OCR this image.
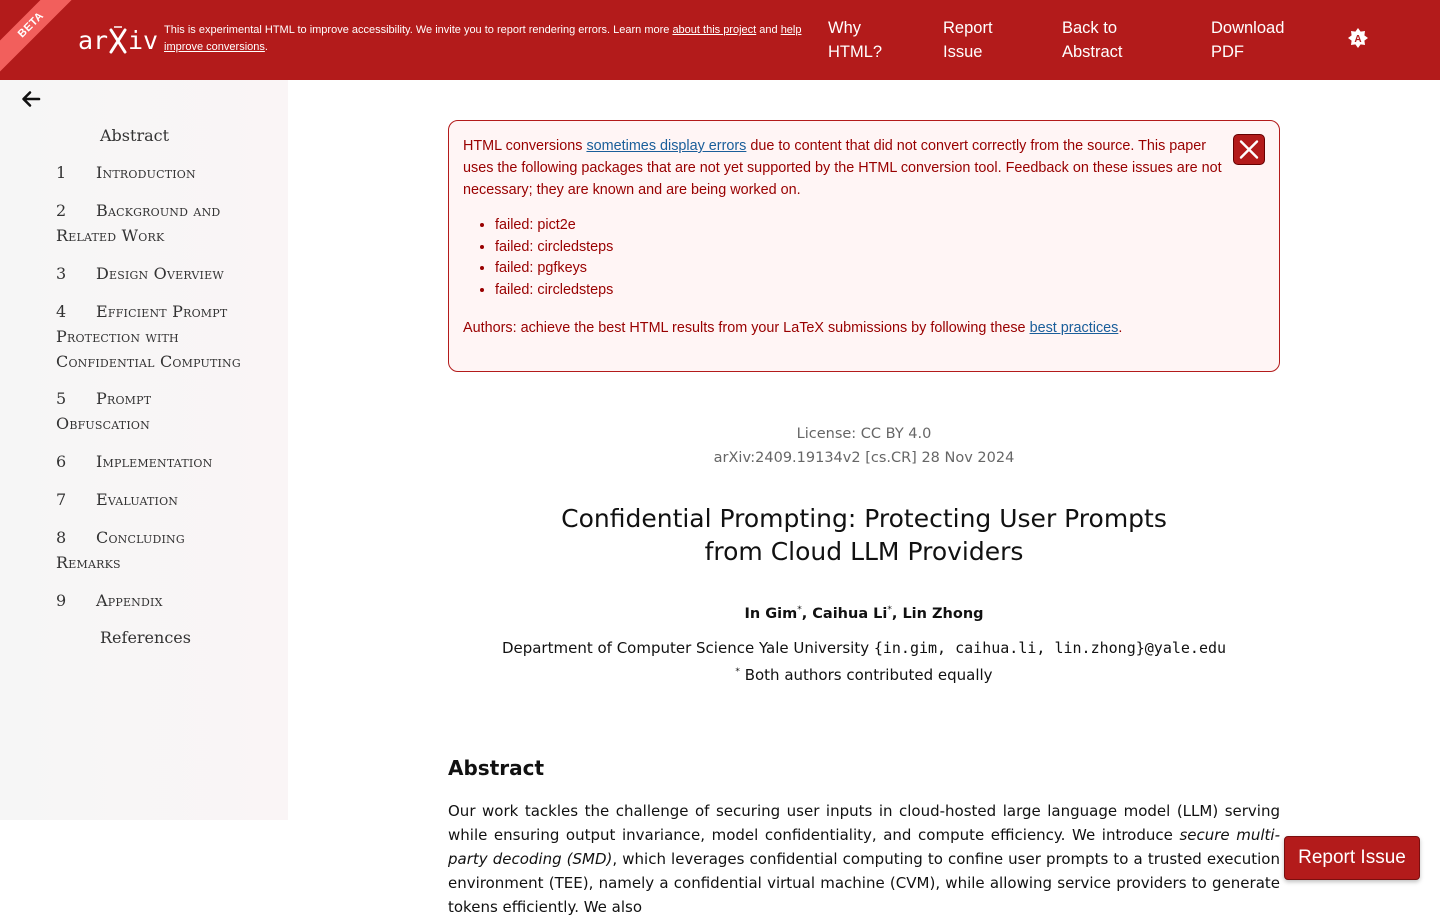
BETA
ar iv This is experimental HTML to improve accessibility. We invite you to report rendering errors. Learn more about this project and help improve conversions.
Why HTML?
Report Issue
Back to Abstract
Download PDF
A
Abstract
1 Introduction
2 Background and Related Work
3 Design Overview
4 Efficient Prompt Protection with Confidential Computing
5 Prompt Obfuscation
6 Implementation
7 Evaluation
8 Concluding Remarks
9 Appendix
References
HTML conversions sometimes display errors due to content that did not convert correctly from the source. This paper uses the following packages that are not yet supported by the HTML conversion tool. Feedback on these issues are not necessary; they are known and are being worked on.
• failed: pict2e
• failed: circledsteps
• failed: pgfkeys
• failed: circledsteps
Authors: achieve the best HTML results from your LaTeX submissions by following these best practices.
License: CC BY 4.0
arXiv:2409.19134v2 [cs.CR] 28 Nov 2024
Confidential Prompting: Protecting User Prompts from Cloud LLM Providers
In Gim*, Caihua Li*, Lin Zhong
Department of Computer Science Yale University {in.gim, caihua.li, lin.zhong}@yale.edu
* Both authors contributed equally
Abstract

Our work tackles the challenge of securing user inputs in cloud-hosted large language model (LLM) serving while ensuring output invariance, model confidentiality, and compute efficiency. We introduce secure multi-party decoding (SMD), which leverages confidential computing to confine user prompts to a trusted execution environment (TEE), namely a confidential virtual machine (CVM), while allowing service providers to generate tokens efficiently. We also

Report Issue
